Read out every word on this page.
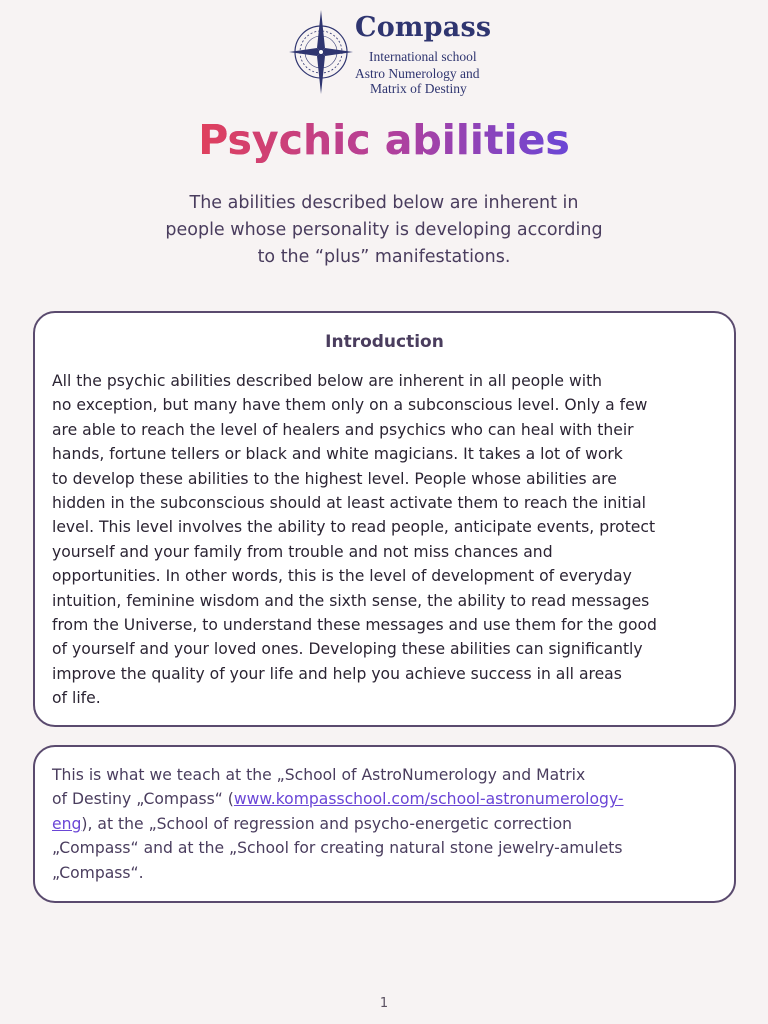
Compass
International school
Astro Numerology and
Matrix of Destiny
Psychic abilities

The abilities described below are inherent in
people whose personality is developing according
to the “plus” manifestations.

Introduction

All the psychic abilities described below are inherent in all people with
no exception, but many have them only on a subconscious level. Only a few
are able to reach the level of healers and psychics who can heal with their
hands, fortune tellers or black and white magicians. It takes a lot of work
to develop these abilities to the highest level. People whose abilities are
hidden in the subconscious should at least activate them to reach the initial
level. This level involves the ability to read people, anticipate events, protect
yourself and your family from trouble and not miss chances and
opportunities. In other words, this is the level of development of everyday
intuition, feminine wisdom and the sixth sense, the ability to read messages
from the Universe, to understand these messages and use them for the good
of yourself and your loved ones. Developing these abilities can significantly
improve the quality of your life and help you achieve success in all areas
of life.

This is what we teach at the „School of AstroNumerology and Matrix
of Destiny „Compass“ (www.kompasschool.com/school-astronumerology-
eng), at the „School of regression and psycho-energetic correction
„Compass“ and at the „School for creating natural stone jewelry-amulets
„Compass“.

1
